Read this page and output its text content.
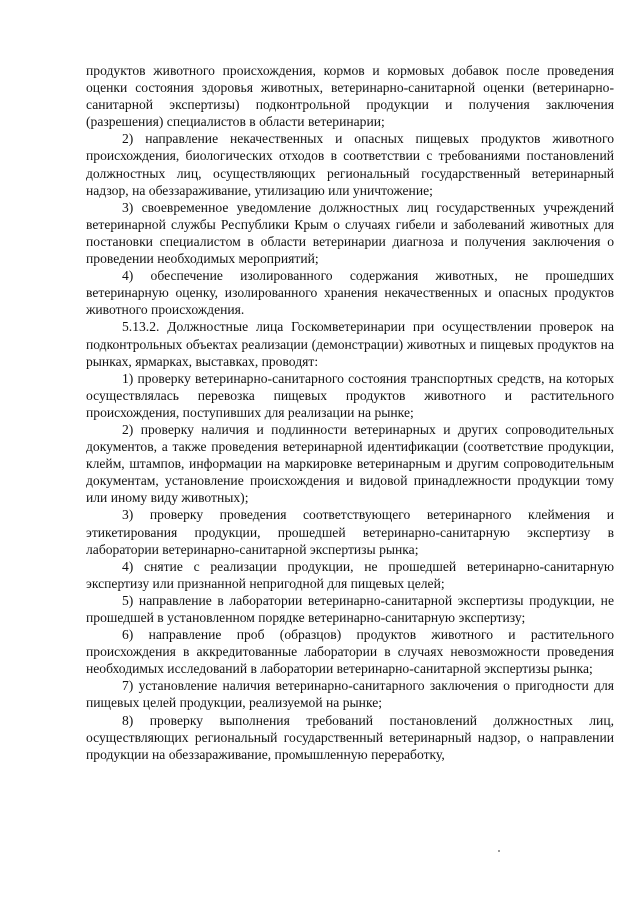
продуктов животного происхождения, кормов и кормовых добавок после проведения оценки состояния здоровья животных, ветеринарно-санитарной оценки (ветеринарно-санитарной экспертизы) подконтрольной продукции и получения заключения (разрешения) специалистов в области ветеринарии;

2) направление некачественных и опасных пищевых продуктов животного происхождения, биологических отходов в соответствии с требованиями постановлений должностных лиц, осуществляющих региональный государственный ветеринарный надзор, на обеззараживание, утилизацию или уничтожение;

3) своевременное уведомление должностных лиц государственных учреждений ветеринарной службы Республики Крым о случаях гибели и заболеваний животных для постановки специалистом в области ветеринарии диагноза и получения заключения о проведении необходимых мероприятий;

4) обеспечение изолированного содержания животных, не прошедших ветеринарную оценку, изолированного хранения некачественных и опасных продуктов животного происхождения.

5.13.2. Должностные лица Госкомветеринарии при осуществлении проверок на подконтрольных объектах реализации (демонстрации) животных и пищевых продуктов на рынках, ярмарках, выставках, проводят:

1) проверку ветеринарно-санитарного состояния транспортных средств, на которых осуществлялась перевозка пищевых продуктов животного и растительного происхождения, поступивших для реализации на рынке;

2) проверку наличия и подлинности ветеринарных и других сопроводительных документов, а также проведения ветеринарной идентификации (соответствие продукции, клейм, штампов, информации на маркировке ветеринарным и другим сопроводительным документам, установление происхождения и видовой принадлежности продукции тому или иному виду животных);

3) проверку проведения соответствующего ветеринарного клеймения и этикетирования продукции, прошедшей ветеринарно-санитарную экспертизу в лаборатории ветеринарно-санитарной экспертизы рынка;

4) снятие с реализации продукции, не прошедшей ветеринарно-санитарную экспертизу или признанной непригодной для пищевых целей;

5) направление в лаборатории ветеринарно-санитарной экспертизы продукции, не прошедшей в установленном порядке ветеринарно-санитарную экспертизу;

6) направление проб (образцов) продуктов животного и растительного происхождения в аккредитованные лаборатории в случаях невозможности проведения необходимых исследований в лаборатории ветеринарно-санитарной экспертизы рынка;

7) установление наличия ветеринарно-санитарного заключения о пригодности для пищевых целей продукции, реализуемой на рынке;

8) проверку выполнения требований постановлений должностных лиц, осуществляющих региональный государственный ветеринарный надзор, о направлении продукции на обеззараживание, промышленную переработку,
